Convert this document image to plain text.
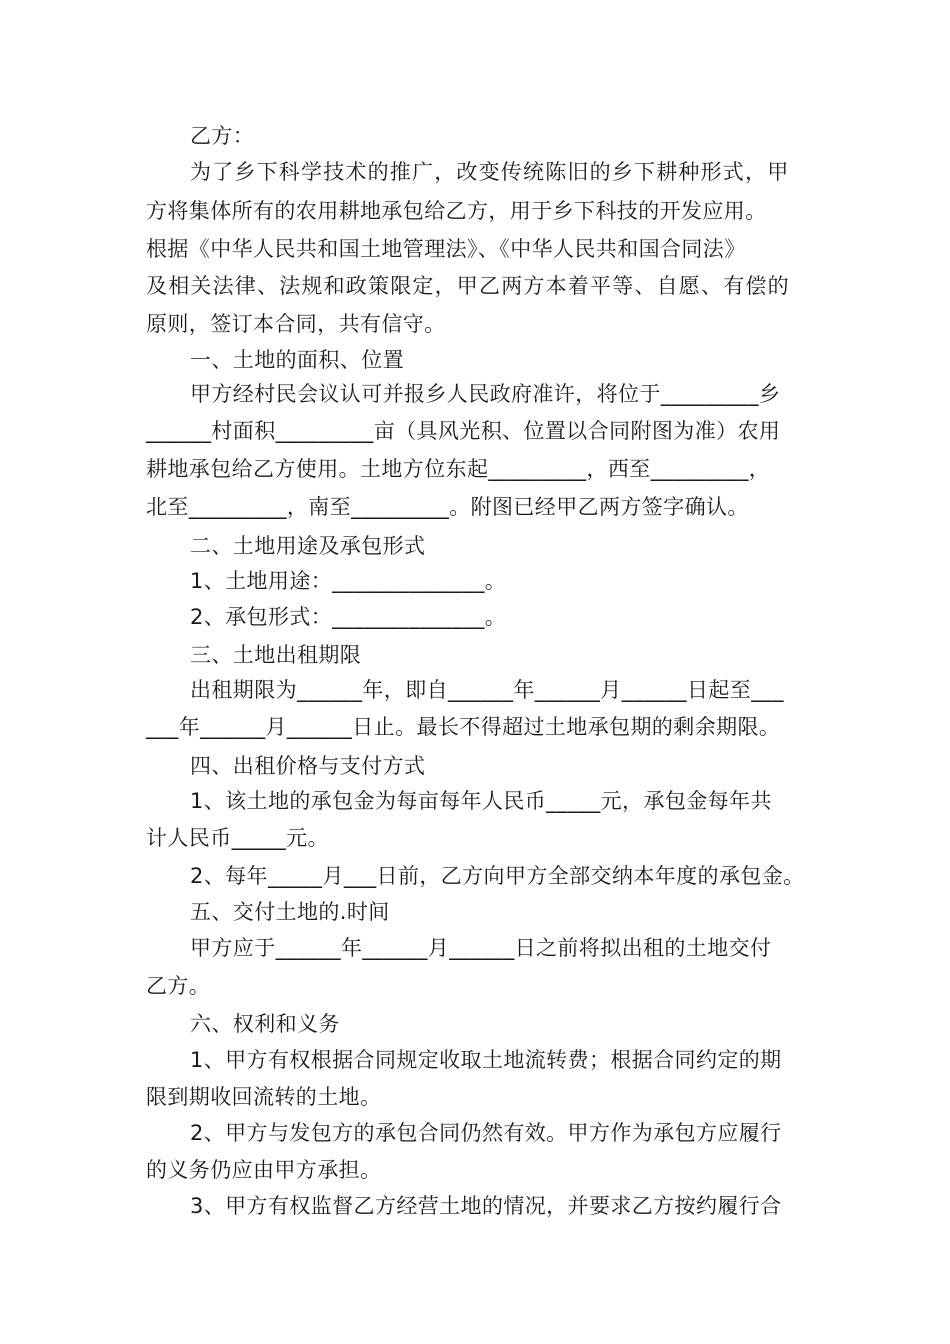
乙方：
为了乡下科学技术的推广，改变传统陈旧的乡下耕种形式，甲
方将集体所有的农用耕地承包给乙方，用于乡下科技的开发应用。
根据《中华人民共和国土地管理法》、《中华人民共和国合同法》
及相关法律、法规和政策限定，甲乙两方本着平等、自愿、有偿的
原则，签订本合同，共有信守。
一、土地的面积、位置
甲方经村民会议认可并报乡人民政府准许，将位于_________乡
______村面积_________亩（具风光积、位置以合同附图为准）农用
耕地承包给乙方使用。土地方位东起_________，西至_________，
北至_________，南至_________。附图已经甲乙两方签字确认。
二、土地用途及承包形式
1、土地用途：______________。
2、承包形式：______________。
三、土地出租期限
出租期限为______年，即自______年______月______日起至___
___年______月______日止。最长不得超过土地承包期的剩余期限。
四、出租价格与支付方式
1、该土地的承包金为每亩每年人民币_____元，承包金每年共
计人民币_____元。
2、每年_____月___日前，乙方向甲方全部交纳本年度的承包金。
五、交付土地的.时间
甲方应于______年______月______日之前将拟出租的土地交付
乙方。
六、权利和义务
1、甲方有权根据合同规定收取土地流转费；根据合同约定的期
限到期收回流转的土地。
2、甲方与发包方的承包合同仍然有效。甲方作为承包方应履行
的义务仍应由甲方承担。
3、甲方有权监督乙方经营土地的情况，并要求乙方按约履行合
